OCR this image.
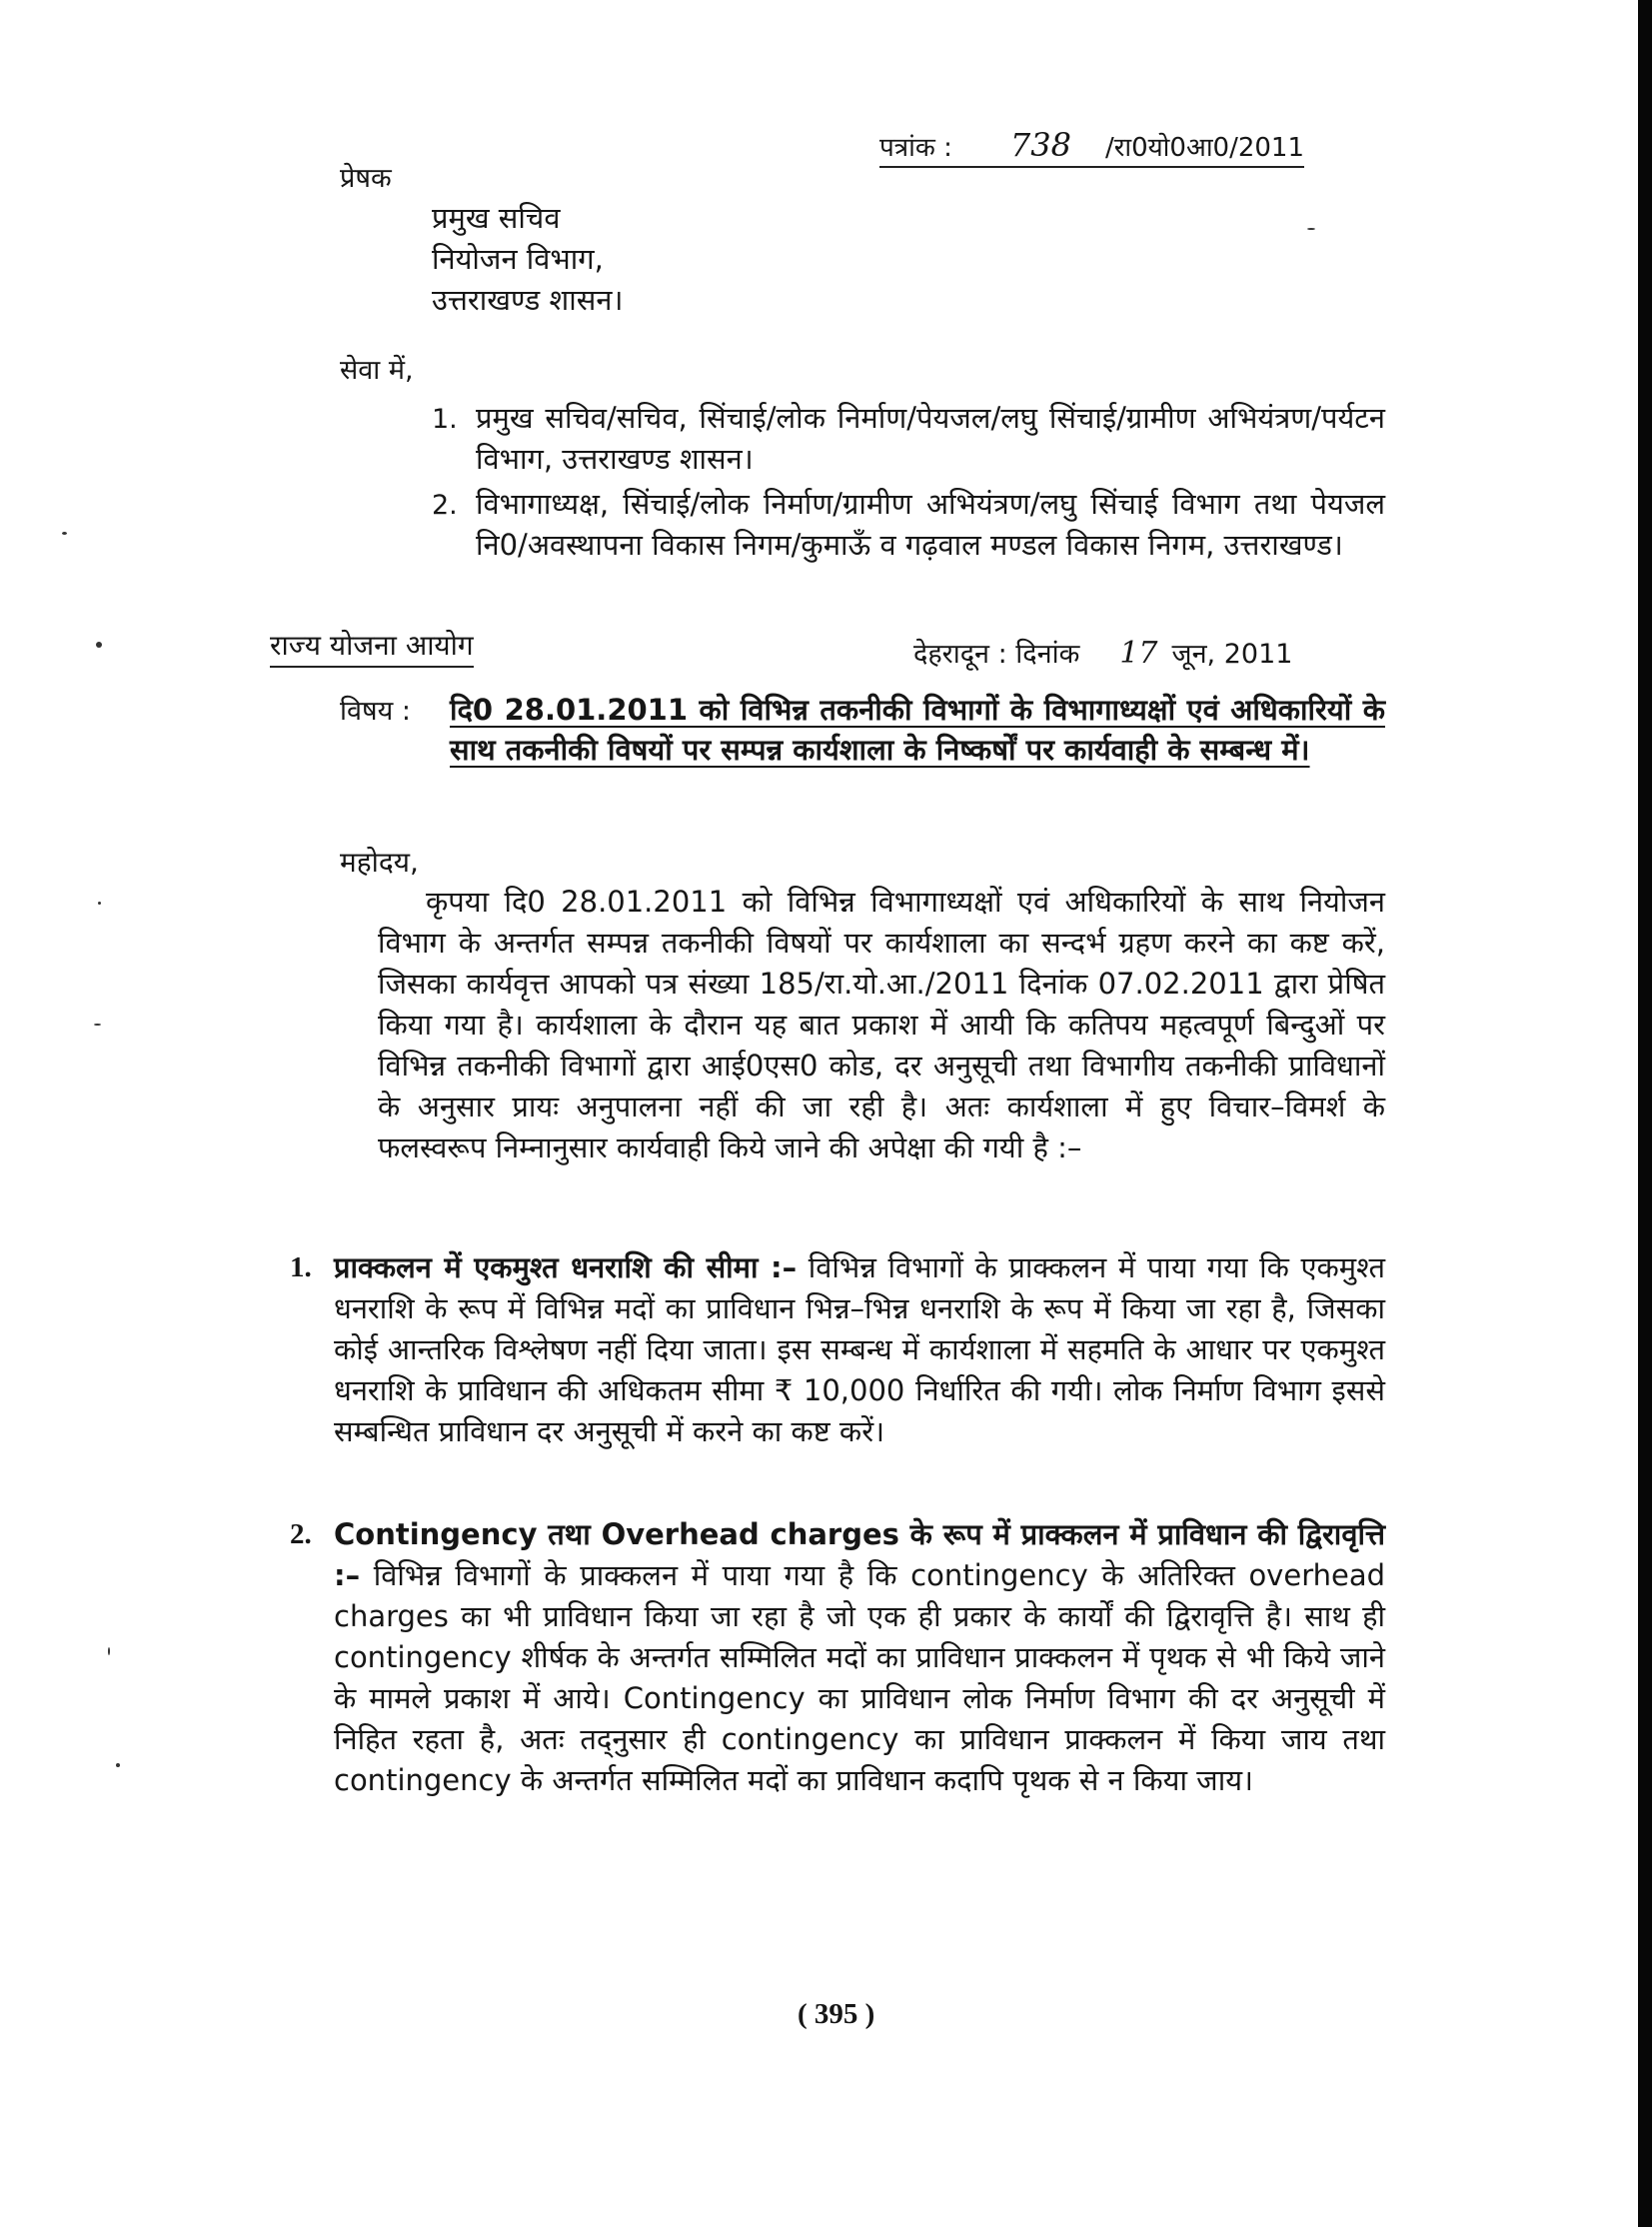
पत्रांक : 738 /रा0यो0आ0/2011
प्रेषक
प्रमुख सचिव
नियोजन विभाग,
उत्तराखण्ड शासन।
सेवा में,
1. प्रमुख सचिव/सचिव, सिंचाई/लोक निर्माण/पेयजल/लघु सिंचाई/ग्रामीण अभियंत्रण/पर्यटन विभाग, उत्तराखण्ड शासन।
2. विभागाध्यक्ष, सिंचाई/लोक निर्माण/ग्रामीण अभियंत्रण/लघु सिंचाई विभाग तथा पेयजल नि0/अवस्थापना विकास निगम/कुमाऊँ व गढ़वाल मण्डल विकास निगम, उत्तराखण्ड।
राज्य योजना आयोग	देहरादून : दिनांक 17 जून, 2011
विषय : दि0 28.01.2011 को विभिन्न तकनीकी विभागों के विभागाध्यक्षों एवं अधिकारियों के साथ तकनीकी विषयों पर सम्पन्न कार्यशाला के निष्कर्षों पर कार्यवाही के सम्बन्ध में।
महोदय,
कृपया दि0 28.01.2011 को विभिन्न विभागाध्यक्षों एवं अधिकारियों के साथ नियोजन विभाग के अन्तर्गत सम्पन्न तकनीकी विषयों पर कार्यशाला का सन्दर्भ ग्रहण करने का कष्ट करें, जिसका कार्यवृत्त आपको पत्र संख्या 185/रा.यो.आ./2011 दिनांक 07.02.2011 द्वारा प्रेषित किया गया है। कार्यशाला के दौरान यह बात प्रकाश में आयी कि कतिपय महत्वपूर्ण बिन्दुओं पर विभिन्न तकनीकी विभागों द्वारा आई0एस0 कोड, दर अनुसूची तथा विभागीय तकनीकी प्राविधानों के अनुसार प्रायः अनुपालना नहीं की जा रही है। अतः कार्यशाला में हुए विचार–विमर्श के फलस्वरूप निम्नानुसार कार्यवाही किये जाने की अपेक्षा की गयी है :–
1. प्राक्कलन में एकमुश्त धनराशि की सीमा :– विभिन्न विभागों के प्राक्कलन में पाया गया कि एकमुश्त धनराशि के रूप में विभिन्न मदों का प्राविधान भिन्न–भिन्न धनराशि के रूप में किया जा रहा है, जिसका कोई आन्तरिक विश्लेषण नहीं दिया जाता। इस सम्बन्ध में कार्यशाला में सहमति के आधार पर एकमुश्त धनराशि के प्राविधान की अधिकतम सीमा ₹ 10,000 निर्धारित की गयी। लोक निर्माण विभाग इससे सम्बन्धित प्राविधान दर अनुसूची में करने का कष्ट करें।
2. Contingency तथा Overhead charges के रूप में प्राक्कलन में प्राविधान की द्विरावृत्ति :– विभिन्न विभागों के प्राक्कलन में पाया गया है कि contingency के अतिरिक्त overhead charges का भी प्राविधान किया जा रहा है जो एक ही प्रकार के कार्यों की द्विरावृत्ति है। साथ ही contingency शीर्षक के अन्तर्गत सम्मिलित मदों का प्राविधान प्राक्कलन में पृथक से भी किये जाने के मामले प्रकाश में आये। Contingency का प्राविधान लोक निर्माण विभाग की दर अनुसूची में निहित रहता है, अतः तद्नुसार ही contingency का प्राविधान प्राक्कलन में किया जाय तथा contingency के अन्तर्गत सम्मिलित मदों का प्राविधान कदापि पृथक से न किया जाय।
( 395 )
